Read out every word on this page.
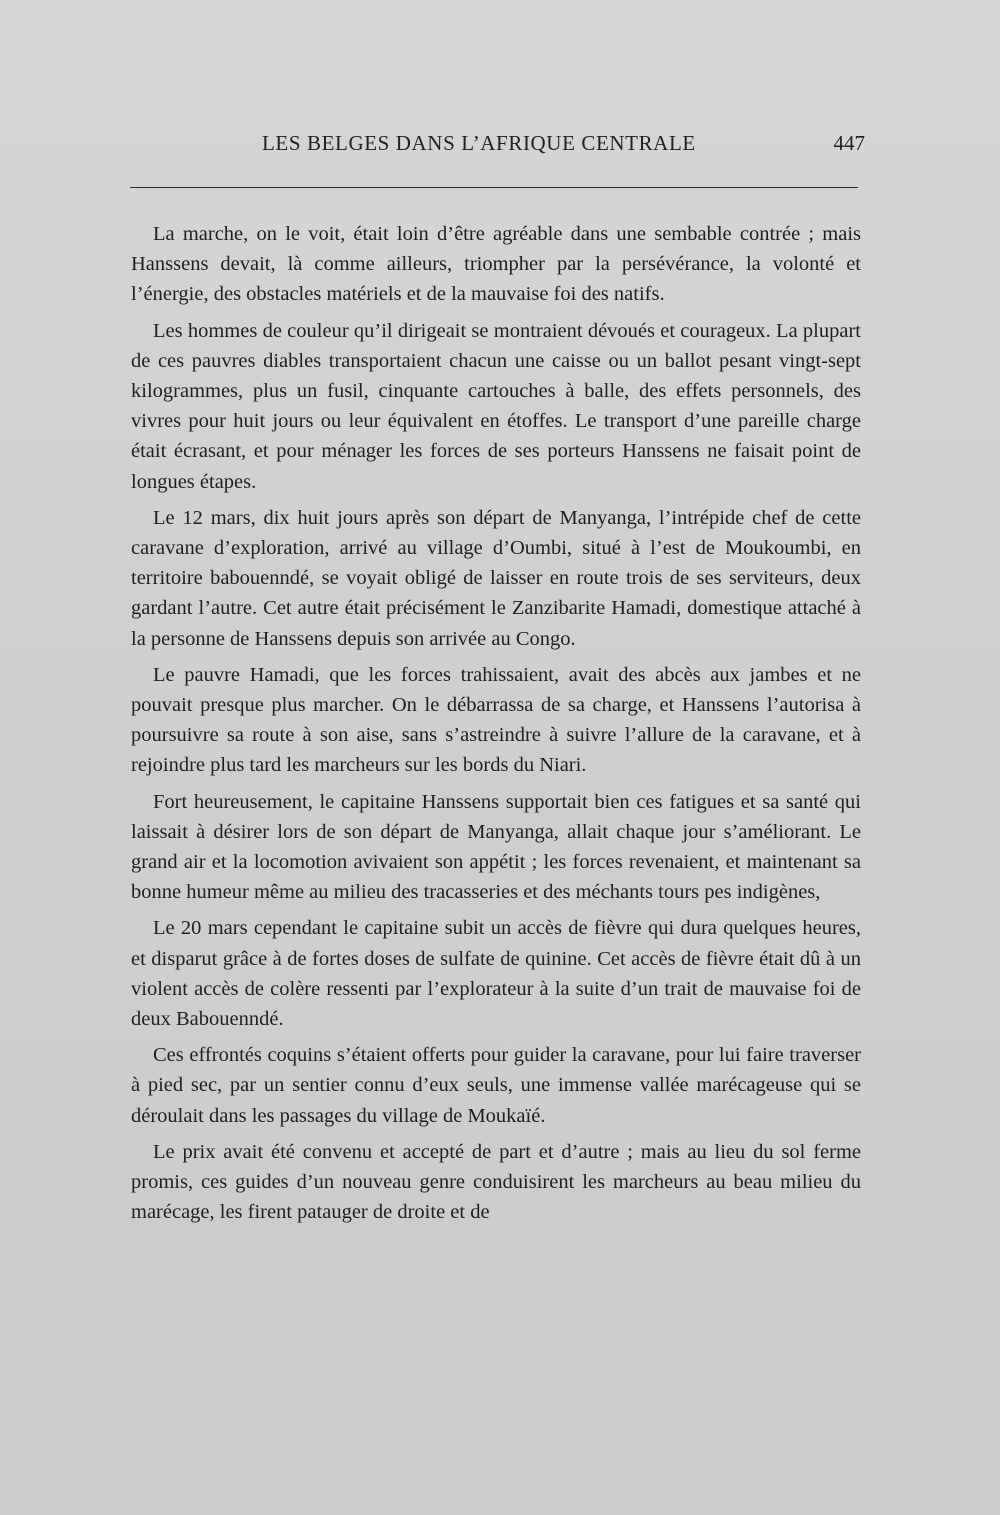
LES BELGES DANS L’AFRIQUE CENTRALE	447

La marche, on le voit, était loin d’être agréable dans une sembable contrée ; mais Hanssens devait, là comme ailleurs, triompher par la persévérance, la volonté et l’énergie, des obstacles matériels et de la mauvaise foi des natifs.

Les hommes de couleur qu’il dirigeait se montraient dévoués et courageux. La plupart de ces pauvres diables transportaient chacun une caisse ou un ballot pesant vingt-sept kilogrammes, plus un fusil, cinquante cartouches à balle, des effets personnels, des vivres pour huit jours ou leur équivalent en étoffes. Le transport d’une pareille charge était écrasant, et pour ménager les forces de ses porteurs Hanssens ne faisait point de longues étapes.

Le 12 mars, dix huit jours après son départ de Manyanga, l’intrépide chef de cette caravane d’exploration, arrivé au village d’Oumbi, situé à l’est de Moukoumbi, en territoire babouenndé, se voyait obligé de laisser en route trois de ses serviteurs, deux gardant l’autre. Cet autre était précisément le Zanzibarite Hamadi, domestique attaché à la personne de Hanssens depuis son arrivée au Congo.

Le pauvre Hamadi, que les forces trahissaient, avait des abcès aux jambes et ne pouvait presque plus marcher. On le débarrassa de sa charge, et Hanssens l’autorisa à poursuivre sa route à son aise, sans s’astreindre à suivre l’allure de la caravane, et à rejoindre plus tard les marcheurs sur les bords du Niari.

Fort heureusement, le capitaine Hanssens supportait bien ces fatigues et sa santé qui laissait à désirer lors de son départ de Manyanga, allait chaque jour s’améliorant. Le grand air et la locomotion avivaient son appétit ; les forces revenaient, et maintenant sa bonne humeur même au milieu des tracasseries et des méchants tours pes indigènes,

Le 20 mars cependant le capitaine subit un accès de fièvre qui dura quelques heures, et disparut grâce à de fortes doses de sulfate de quinine. Cet accès de fièvre était dû à un violent accès de colère ressenti par l’explorateur à la suite d’un trait de mauvaise foi de deux Babouenndé.

Ces effrontés coquins s’étaient offerts pour guider la caravane, pour lui faire traverser à pied sec, par un sentier connu d’eux seuls, une immense vallée marécageuse qui se déroulait dans les passages du village de Moukaïé.

Le prix avait été convenu et accepté de part et d’autre ; mais au lieu du sol ferme promis, ces guides d’un nouveau genre conduisirent les marcheurs au beau milieu du marécage, les firent patauger de droite et de
